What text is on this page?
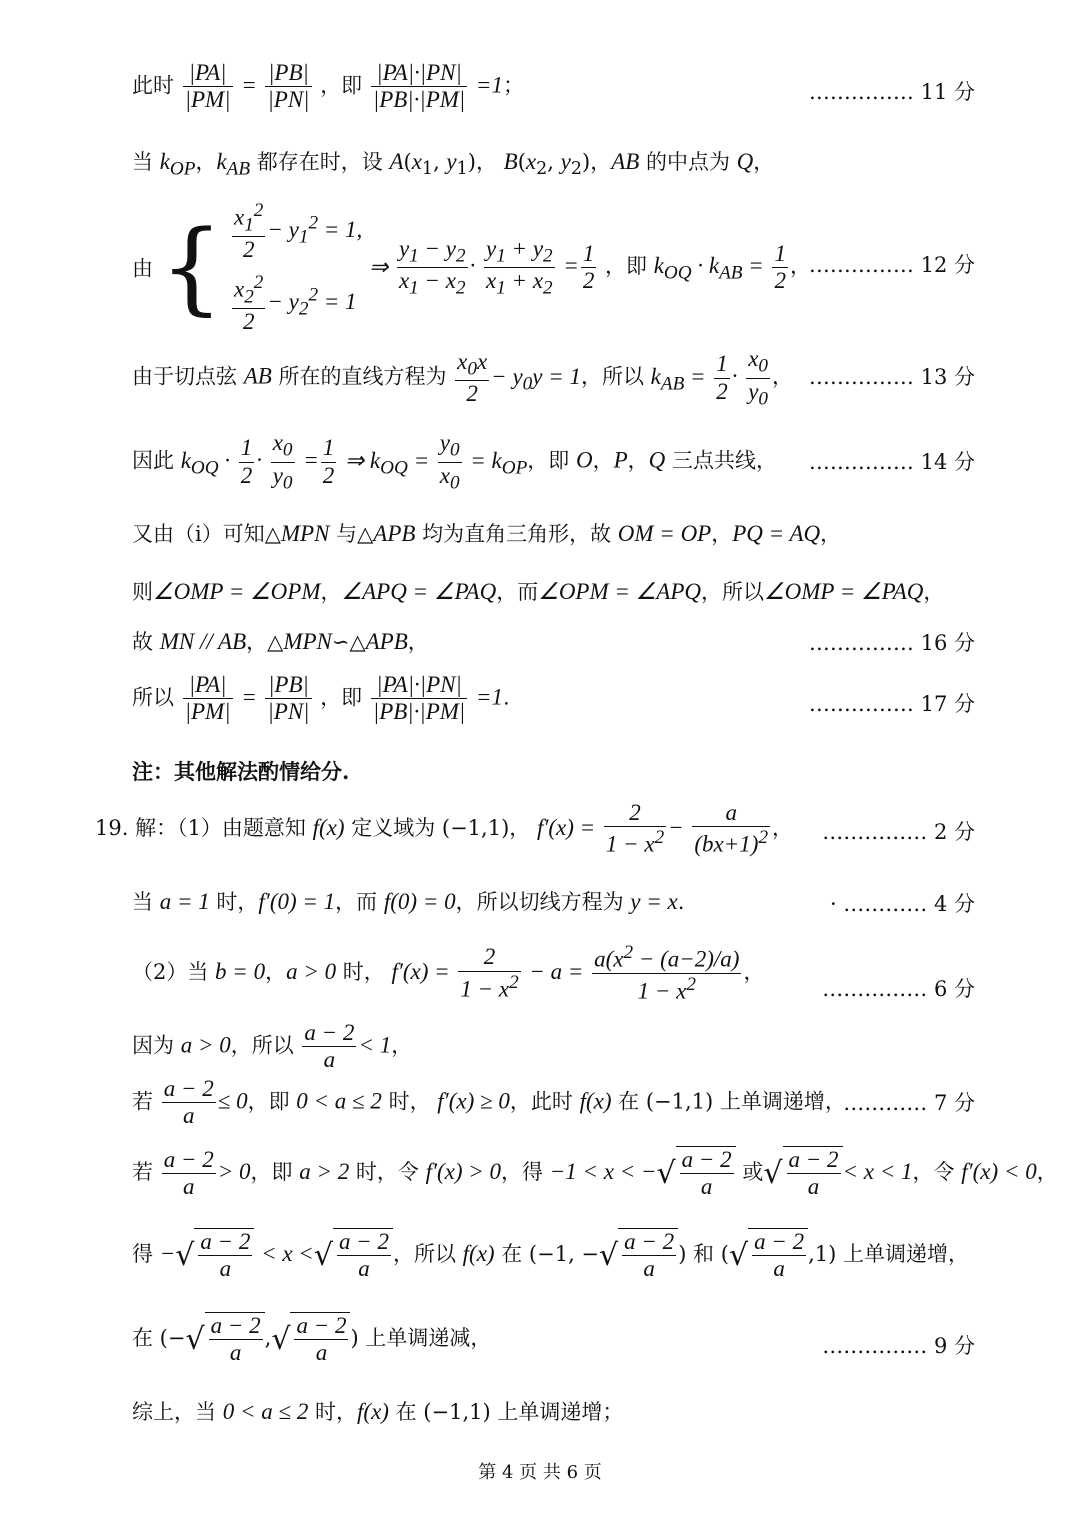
此时 $\frac{|PA|}{|PM|} = \frac{|PB|}{|PN|}$ ，即 $\frac{|PA|\cdot|PN|}{|PB|\cdot|PM|} =1$；	…………… 11 分
当 $k_{OP}$，$k_{AB}$ 都存在时，设 $A(x_1$, $y_1$)， $B(x_2$, $y_2$)，AB 的中点为 Q，
由 { $\frac{x_1^2}{2} - y_1^2 = 1$,
$\frac{x_2^2}{2} - y_2^2 = 1$
⇒ $\frac{y_1 - y_2}{x_1 - x_2} \cdot \frac{y_1 + y_2}{x_1 + x_2} = \frac{1}{2}$ ，即 $k_{OQ} \cdot k_{AB} = \frac{1}{2}$ ，
…………… 12 分
由于切点弦 AB 所在的直线方程为 $\frac{x_0x}{2} - y_0y = 1$，所以 $k_{AB} = \frac{1}{2} \cdot \frac{x_0}{y_0}$ ， …………… 13 分
因此 $k_{OQ} \cdot \frac{1}{2} \cdot \frac{x_0}{y_0} = \frac{1}{2}$ ⇒ $k_{OQ} = \frac{y_0}{x_0} = k_{OP}$，即 O，P，Q 三点共线， …………… 14 分
又由（i）可知△MPN 与△APB 均为直角三角形，故 OM = OP，PQ = AQ，
则∠OMP = ∠OPM，∠APQ = ∠PAQ，而∠OPM = ∠APQ，所以∠OMP = ∠PAQ，
故 MN // AB，△MPN∽△APB，	…………… 16 分
所以 $\frac{|PA|}{|PM|} = \frac{|PB|}{|PN|}$ ，即 $\frac{|PA|\cdot|PN|}{|PB|\cdot|PM|} =1$.	…………… 17 分
注：其他解法酌情给分.
19. 解：（1）由题意知 f(x) 定义域为 (−1,1)， $f'(x) = \frac{2}{1 - x^2} - \frac{a}{(bx+1)^2}$ ， …………… 2 分
当 a = 1 时，f′(0) = 1，而 f(0) = 0，所以切线方程为 y = x.	· ………… 4 分
（2）当 b = 0，a > 0 时， $f'(x) = \frac{2}{1 - x^2} - a = \frac{a(x^2 - (a-2)/a)}{1 - x^2}$ ，
…………… 6 分
因为 a > 0，所以 $\frac{a - 2}{a} < 1$，
若 $\frac{a - 2}{a} \le 0$，即 0 < a ≤ 2 时， f′(x) ≥ 0，此时 f(x) 在 (−1,1) 上单调递增，
………… 7 分
若 $\frac{a - 2}{a} > 0$，即 a > 2 时，令 f′(x) > 0，得 −1 < x < −√ $\frac{a - 2}{a}$ 或√ $\frac{a - 2}{a} < x < 1$，令 f′(x) < 0，
得 −√ $\frac{a - 2}{a} < x$ <√ $\frac{a - 2}{a}$ ，所以 f(x) 在 (−1, −√ $\frac{a - 2}{a}$ ) 和 (√ $\frac{a - 2}{a} ,1$) 上单调递增，
在 (−√ $\frac{a - 2}{a}$ ,√ $\frac{a - 2}{a}$ ) 上单调递减，	…………… 9 分
综上，当 0 < a ≤ 2 时，f(x) 在 (−1,1) 上单调递增；
第 4 页 共 6 页
